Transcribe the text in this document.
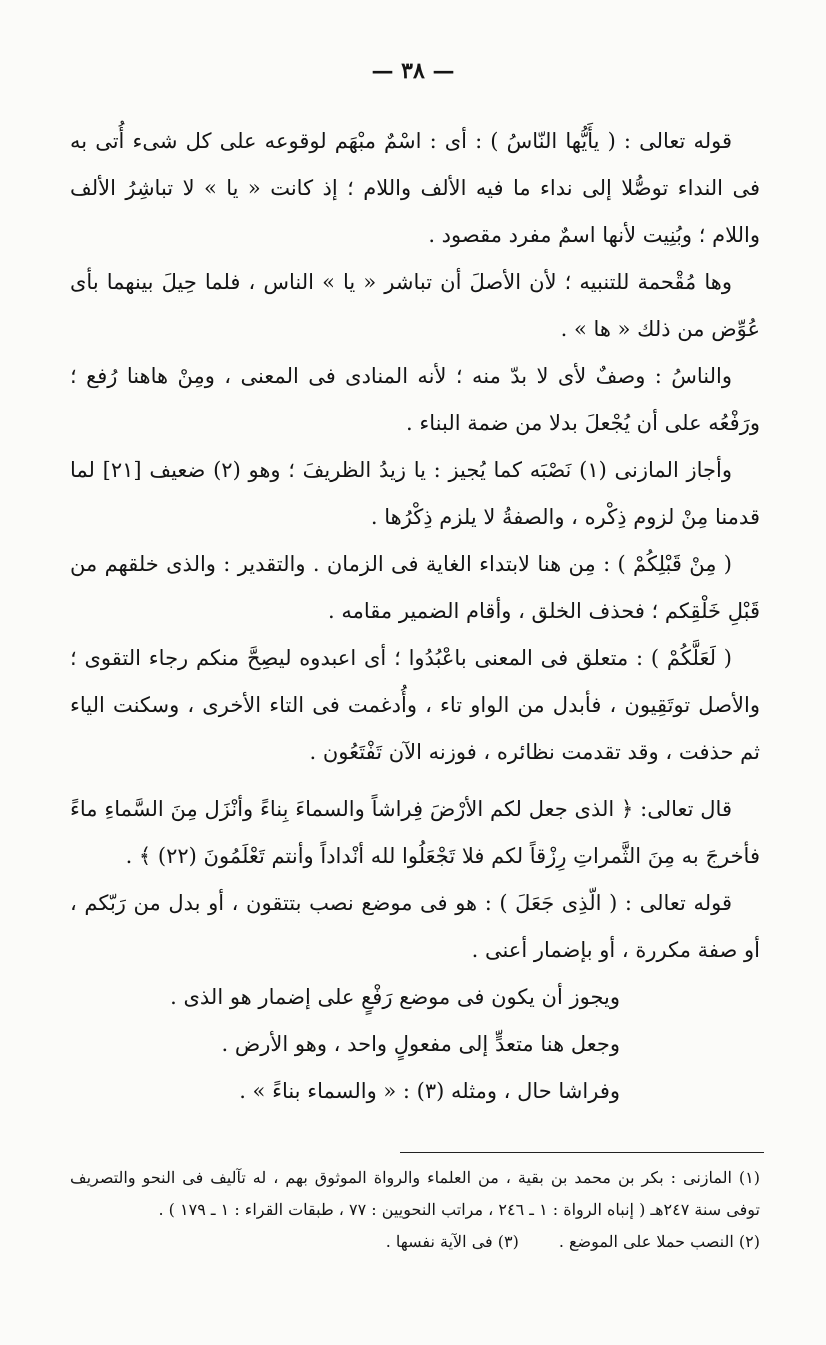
— ٣٨ —

قوله تعالى : ( يأَيُّها النّاسُ ) : أى : اسْمٌ مبْهَم لوقوعه على كل شىء أُتى به فى النداء توصُّلا إلى نداء ما فيه الألف واللام ؛ إذ كانت « يا » لا تباشِرُ الألف واللام ؛ وبُنِيت لأنها اسمٌ مفرد مقصود .

وها مُقْحمة للتنبيه ؛ لأن الأصلَ أن تباشر « يا » الناس ، فلما حِيلَ بينهما بأى عُوِّض من ذلك « ها » .

والناسُ : وصفٌ لأى لا بدّ منه ؛ لأنه المنادى فى المعنى ، ومِنْ هاهنا رُفع ؛ ورَفْعُه على أن يُجْعلَ بدلا من ضمة البناء .

وأجاز المازنى (١) نَصْبَه كما يُجيز : يا زيدُ الظريفَ ؛ وهو (٢) ضعيف [٢١] لما قدمنا مِنْ لزوم ذِكْره ، والصفةُ لا يلزم ذِكْرُها .

( مِنْ قَبْلِكُمْ ) : مِن هنا لابتداء الغاية فى الزمان . والتقدير : والذى خلقهم من قَبْلِ خَلْقِكم ؛ فحذف الخلق ، وأقام الضمير مقامه .

( لَعَلَّكُمْ ) : متعلق فى المعنى باعْبُدُوا ؛ أى اعبدوه ليصِحَّ منكم رجاء التقوى ؛ والأصل توتَقِيون ، فأبدل من الواو تاء ، وأُدغمت فى التاء الأخرى ، وسكنت الياء ثم حذفت ، وقد تقدمت نظائره ، فوزنه الآن تَفْتَعُون .

قال تعالى: ﴿ الذى جعل لكم الأرْضَ فِراشاً والسماءَ بِناءً وأنْزَل مِنَ السَّماءِ ماءً فأخرجَ به مِنَ الثَّمراتِ رِزْقاً لكم فلا تَجْعَلُوا لله أنْداداً وأنتم تَعْلَمُونَ (٢٢) ﴾ .

قوله تعالى : ( الّذِى جَعَلَ ) : هو فى موضع نصب بتتقون ، أو بدل من رَبّكم ، أو صفة مكررة ، أو بإضمار أعنى .

ويجوز أن يكون فى موضع رَفْعٍ على إضمار هو الذى .

وجعل هنا متعدٍّ إلى مفعولٍ واحد ، وهو الأرض .

وفراشا حال ، ومثله (٣) : « والسماء بناءً » .

(١) المازنى : بكر بن محمد بن بقية ، من العلماء والرواة الموثوق بهم ، له تآليف فى النحو والتصريف توفى سنة ٢٤٧هـ ( إنباه الرواة : ١ ـ ٢٤٦ ، مراتب النحويين : ٧٧ ، طبقات القراء : ١ ـ ١٧٩ ) .

(٢) النصب حملا على الموضع .

(٣) فى الآية نفسها .
